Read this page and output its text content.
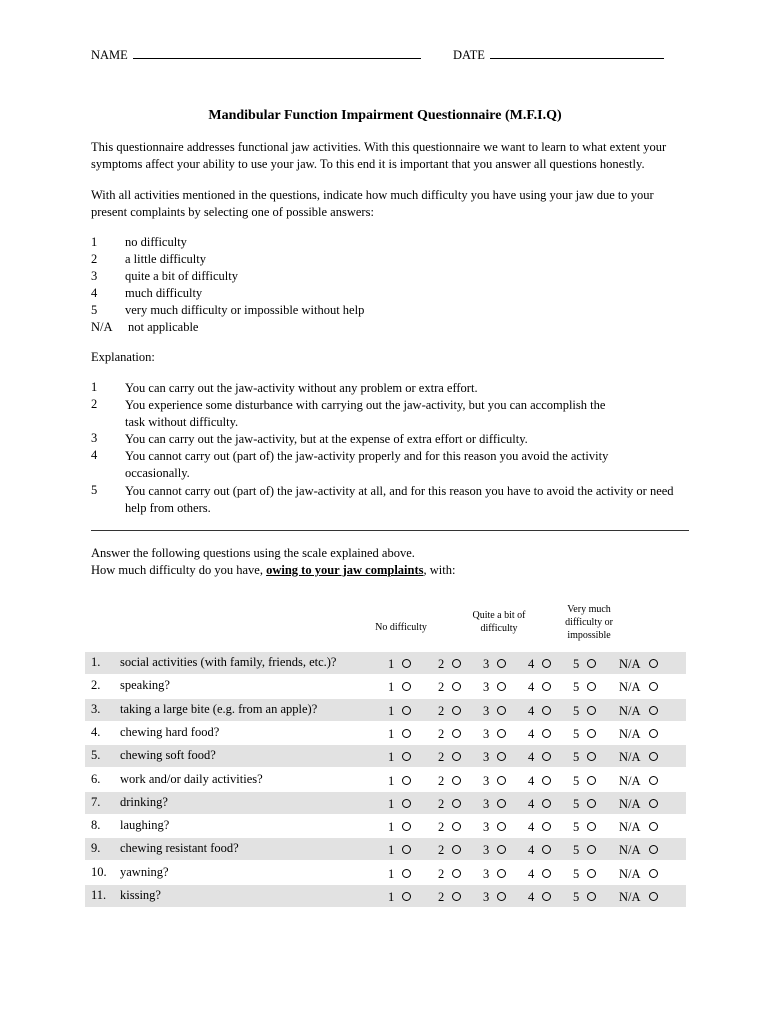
NAME	DATE
Mandibular Function Impairment Questionnaire (M.F.I.Q)
This questionnaire addresses functional jaw activities. With this questionnaire we want to learn to what extent your symptoms affect your ability to use your jaw. To this end it is important that you answer all questions honestly.
With all activities mentioned in the questions, indicate how much difficulty you have using your jaw due to your present complaints by selecting one of possible answers:
1 no difficulty
2 a little difficulty
3 quite a bit of difficulty
4 much difficulty
5 very much difficulty or impossible without help
N/A not applicable
Explanation:
1 You can carry out the jaw-activity without any problem or extra effort.
2 You experience some disturbance with carrying out the jaw-activity, but you can accomplish the task without difficulty.
3 You can carry out the jaw-activity, but at the expense of extra effort or difficulty.
4 You cannot carry out (part of) the jaw-activity properly and for this reason you avoid the activity occasionally.
5 You cannot carry out (part of) the jaw-activity at all, and for this reason you have to avoid the activity or need help from others.
Answer the following questions using the scale explained above.
How much difficulty do you have, owing to your jaw complaints, with:
No difficulty
Quite a bit of difficulty
Very much difficulty or impossible
1. social activities (with family, friends, etc.)?	1	2	3	4	5	N/A
2. speaking?	1	2	3	4	5	N/A
3. taking a large bite (e.g. from an apple)?	1	2	3	4	5	N/A
4. chewing hard food?	1	2	3	4	5	N/A
5. chewing soft food?	1	2	3	4	5	N/A
6. work and/or daily activities?	1	2	3	4	5	N/A
7. drinking?	1	2	3	4	5	N/A
8. laughing?	1	2	3	4	5	N/A
9. chewing resistant food?	1	2	3	4	5	N/A
10. yawning?	1	2	3	4	5	N/A
11. kissing?	1	2	3	4	5	N/A
